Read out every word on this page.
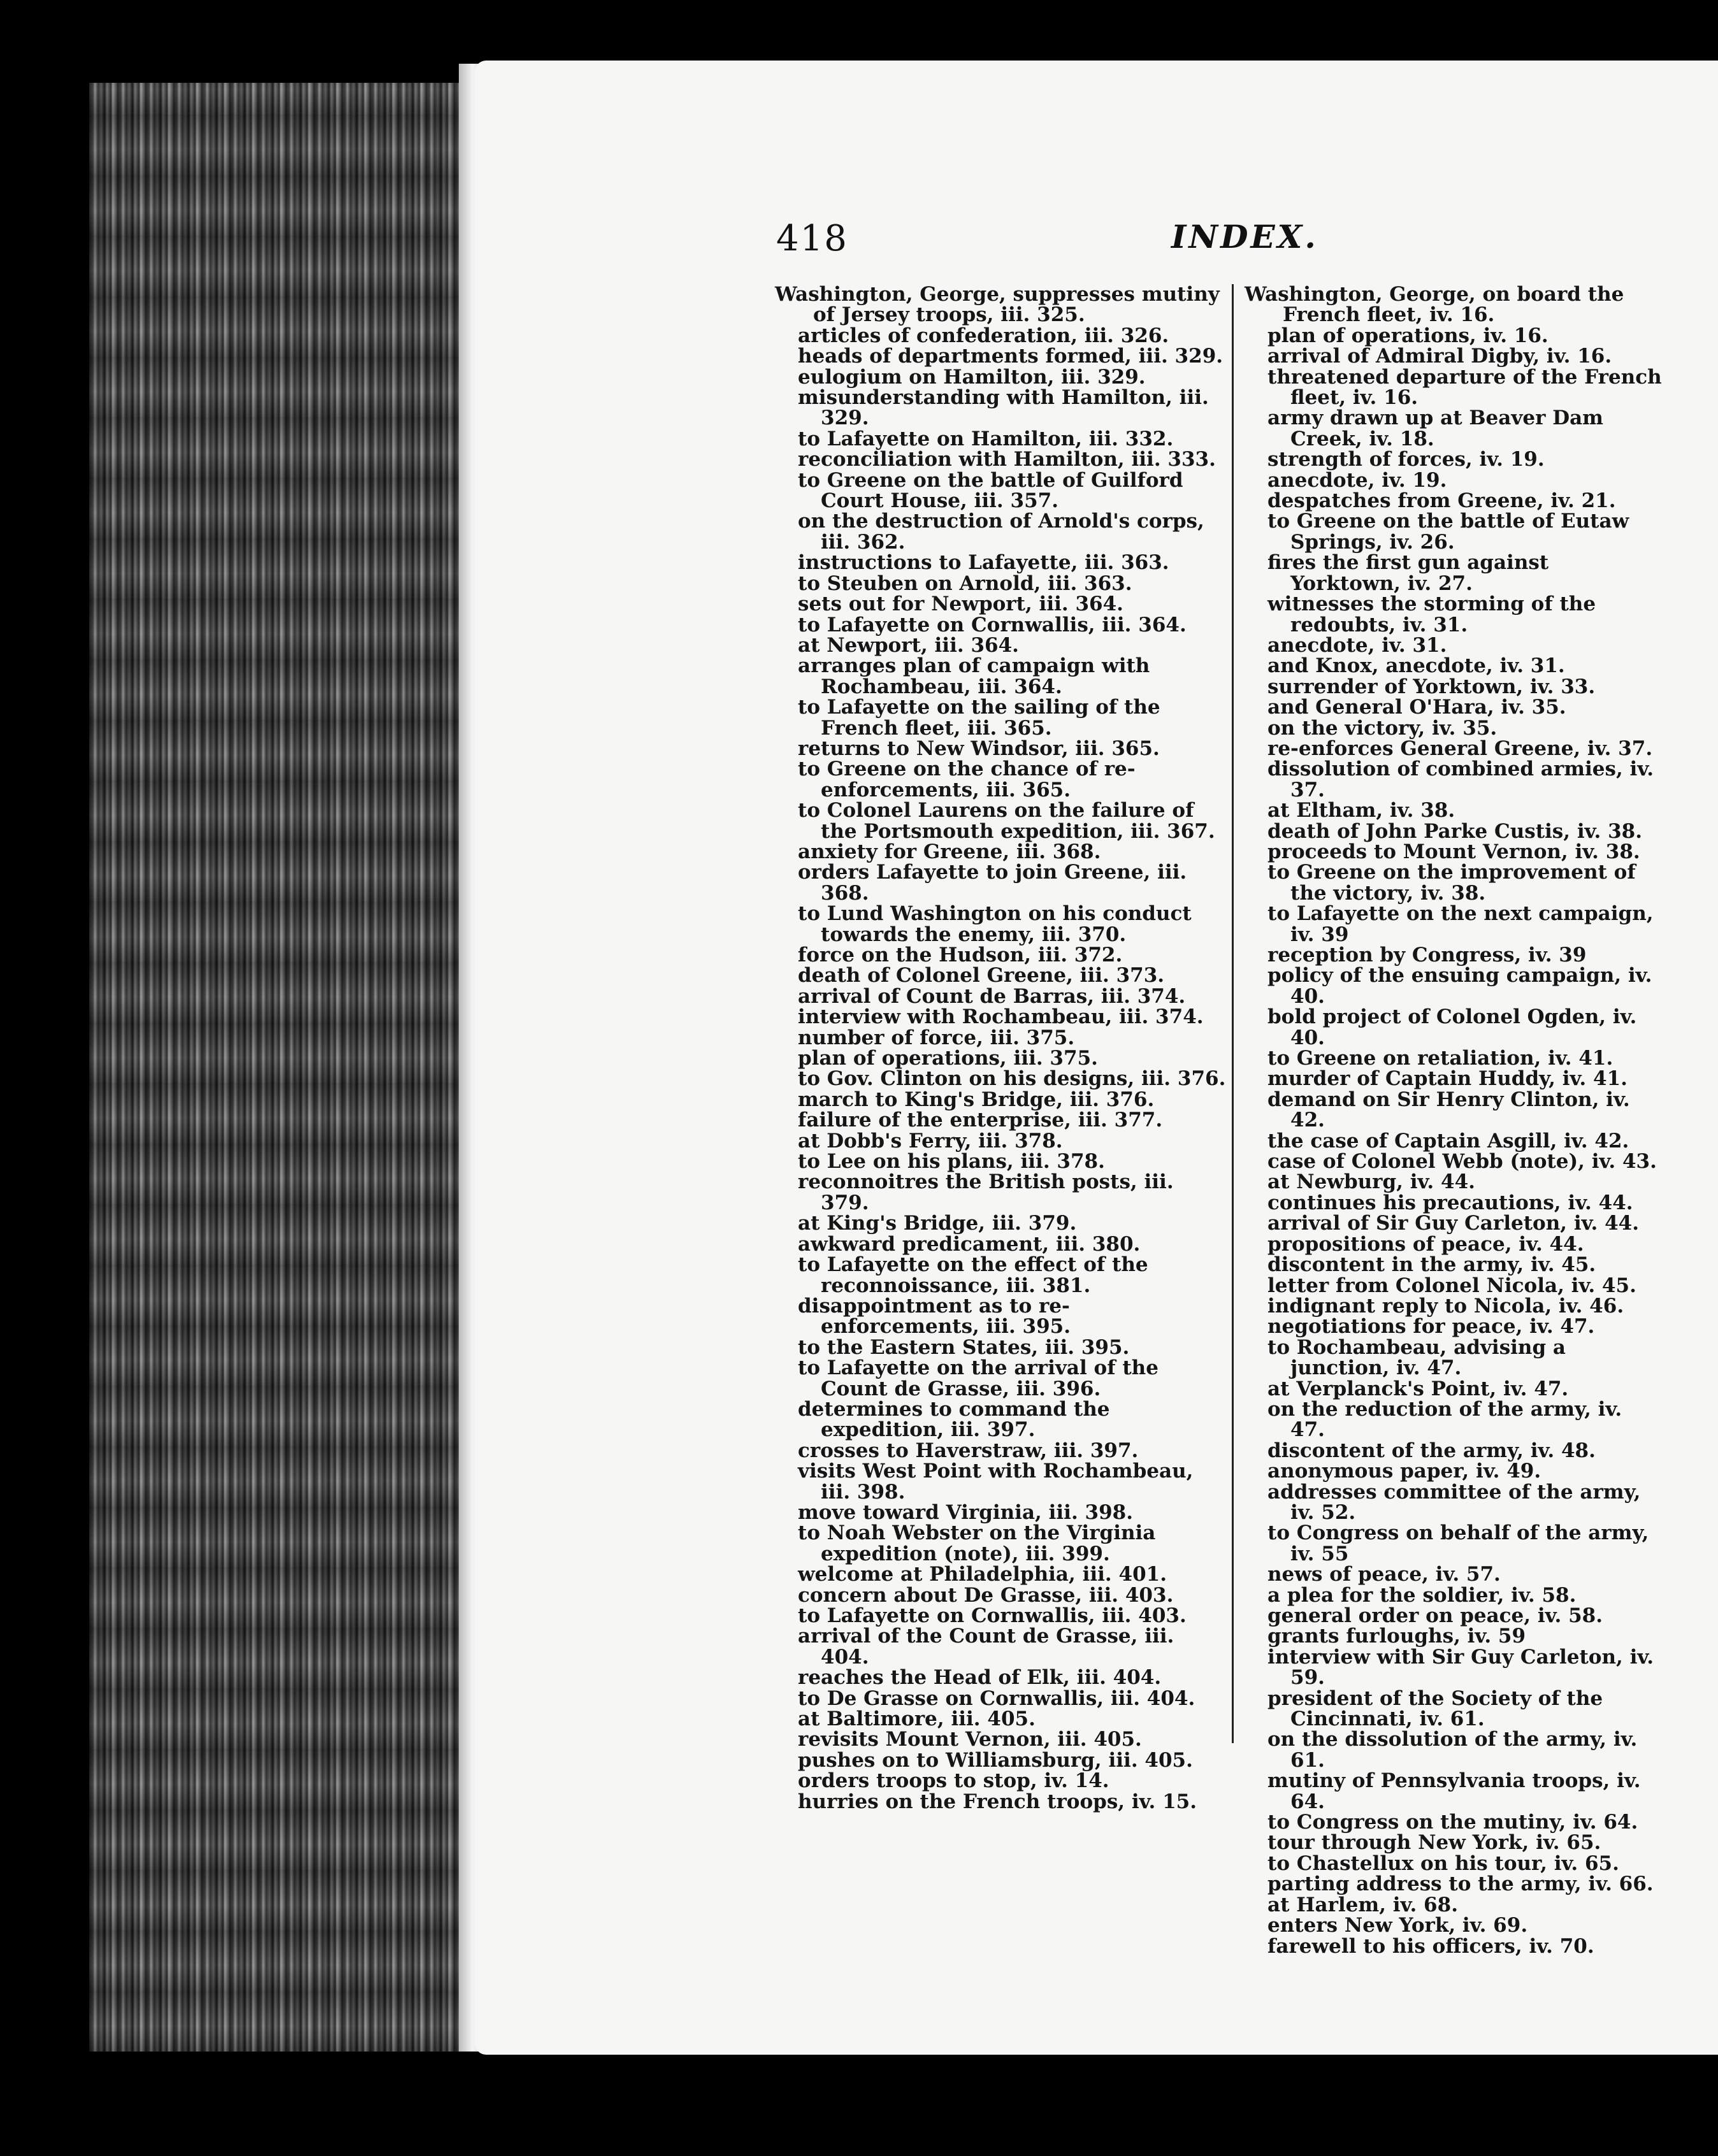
418	INDEX.

Washington, George, suppresses mutiny of Jersey troops, iii. 325.

articles of confederation, iii. 326.

heads of departments formed, iii. 329.

eulogium on Hamilton, iii. 329.

misunderstanding with Hamilton, iii. 329.

to Lafayette on Hamilton, iii. 332.

reconciliation with Hamilton, iii. 333.

to Greene on the battle of Guilford Court House, iii. 357.

on the destruction of Arnold's corps, iii. 362.

instructions to Lafayette, iii. 363.

to Steuben on Arnold, iii. 363.

sets out for Newport, iii. 364.

to Lafayette on Cornwallis, iii. 364.

at Newport, iii. 364.

arranges plan of campaign with Rochambeau, iii. 364.

to Lafayette on the sailing of the French fleet, iii. 365.

returns to New Windsor, iii. 365.

to Greene on the chance of re-enforcements, iii. 365.

to Colonel Laurens on the failure of the Portsmouth expedition, iii. 367.

anxiety for Greene, iii. 368.

orders Lafayette to join Greene, iii. 368.

to Lund Washington on his conduct towards the enemy, iii. 370.

force on the Hudson, iii. 372.

death of Colonel Greene, iii. 373.

arrival of Count de Barras, iii. 374.

interview with Rochambeau, iii. 374.

number of force, iii. 375.

plan of operations, iii. 375.

to Gov. Clinton on his designs, iii. 376.

march to King's Bridge, iii. 376.

failure of the enterprise, iii. 377.

at Dobb's Ferry, iii. 378.

to Lee on his plans, iii. 378.

reconnoitres the British posts, iii. 379.

at King's Bridge, iii. 379.

awkward predicament, iii. 380.

to Lafayette on the effect of the reconnoissance, iii. 381.

disappointment as to re-enforcements, iii. 395.

to the Eastern States, iii. 395.

to Lafayette on the arrival of the Count de Grasse, iii. 396.

determines to command the expedition, iii. 397.

crosses to Haverstraw, iii. 397.

visits West Point with Rochambeau, iii. 398.

move toward Virginia, iii. 398.

to Noah Webster on the Virginia expedition (note), iii. 399.

welcome at Philadelphia, iii. 401.

concern about De Grasse, iii. 403.

to Lafayette on Cornwallis, iii. 403.

arrival of the Count de Grasse, iii. 404.

reaches the Head of Elk, iii. 404.

to De Grasse on Cornwallis, iii. 404.

at Baltimore, iii. 405.

revisits Mount Vernon, iii. 405.

pushes on to Williamsburg, iii. 405.

orders troops to stop, iv. 14.

hurries on the French troops, iv. 15.

Washington, George, on board the French fleet, iv. 16.

plan of operations, iv. 16.

arrival of Admiral Digby, iv. 16.

threatened departure of the French fleet, iv. 16.

army drawn up at Beaver Dam Creek, iv. 18.

strength of forces, iv. 19.

anecdote, iv. 19.

despatches from Greene, iv. 21.

to Greene on the battle of Eutaw Springs, iv. 26.

fires the first gun against Yorktown, iv. 27.

witnesses the storming of the redoubts, iv. 31.

anecdote, iv. 31.

and Knox, anecdote, iv. 31.

surrender of Yorktown, iv. 33.

and General O'Hara, iv. 35.

on the victory, iv. 35.

re-enforces General Greene, iv. 37.

dissolution of combined armies, iv. 37.

at Eltham, iv. 38.

death of John Parke Custis, iv. 38.

proceeds to Mount Vernon, iv. 38.

to Greene on the improvement of the victory, iv. 38.

to Lafayette on the next campaign, iv. 39

reception by Congress, iv. 39

policy of the ensuing campaign, iv. 40.

bold project of Colonel Ogden, iv. 40.

to Greene on retaliation, iv. 41.

murder of Captain Huddy, iv. 41.

demand on Sir Henry Clinton, iv. 42.

the case of Captain Asgill, iv. 42.

case of Colonel Webb (note), iv. 43.

at Newburg, iv. 44.

continues his precautions, iv. 44.

arrival of Sir Guy Carleton, iv. 44.

propositions of peace, iv. 44.

discontent in the army, iv. 45.

letter from Colonel Nicola, iv. 45.

indignant reply to Nicola, iv. 46.

negotiations for peace, iv. 47.

to Rochambeau, advising a junction, iv. 47.

at Verplanck's Point, iv. 47.

on the reduction of the army, iv. 47.

discontent of the army, iv. 48.

anonymous paper, iv. 49.

addresses committee of the army, iv. 52.

to Congress on behalf of the army, iv. 55

news of peace, iv. 57.

a plea for the soldier, iv. 58.

general order on peace, iv. 58.

grants furloughs, iv. 59

interview with Sir Guy Carleton, iv. 59.

president of the Society of the Cincinnati, iv. 61.

on the dissolution of the army, iv. 61.

mutiny of Pennsylvania troops, iv. 64.

to Congress on the mutiny, iv. 64.

tour through New York, iv. 65.

to Chastellux on his tour, iv. 65.

parting address to the army, iv. 66.

at Harlem, iv. 68.

enters New York, iv. 69.

farewell to his officers, iv. 70.
